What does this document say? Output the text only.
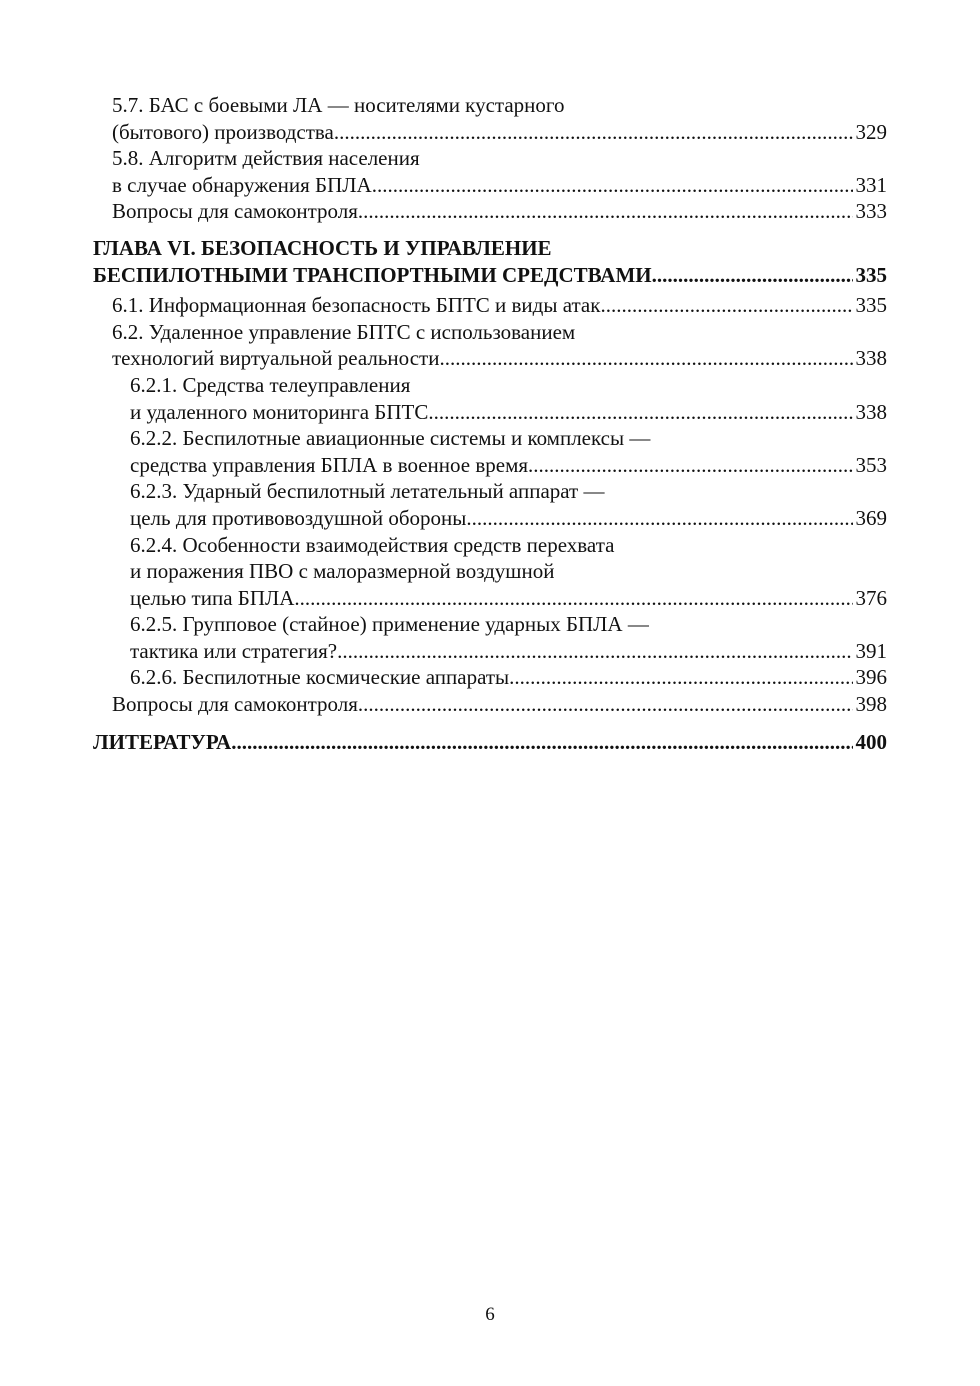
5.7. БАС с боевыми ЛА — носителями кустарного
(бытового) производства .....	329
5.8. Алгоритм действия населения
в случае обнаружения БПЛА .....	331
Вопросы для самоконтроля .....	333
ГЛАВА VI. БЕЗОПАСНОСТЬ И УПРАВЛЕНИЕ
БЕСПИЛОТНЫМИ ТРАНСПОРТНЫМИ СРЕДСТВАМИ .....	335
6.1. Информационная безопасность БПТС и виды атак .....	335
6.2. Удаленное управление БПТС с использованием
технологий виртуальной реальности .....	338
6.2.1. Средства телеуправления
и удаленного мониторинга БПТС .....	338
6.2.2. Беспилотные авиационные системы и комплексы —
средства управления БПЛА в военное время .....	353
6.2.3. Ударный беспилотный летательный аппарат —
цель для противовоздушной обороны .....	369
6.2.4. Особенности взаимодействия средств перехвата
и поражения ПВО с малоразмерной воздушной
целью типа БПЛА .....	376
6.2.5. Групповое (стайное) применение ударных БПЛА —
тактика или стратегия? .....	391
6.2.6. Беспилотные космические аппараты .....	396
Вопросы для самоконтроля .....	398
ЛИТЕРАТУРА .....	400
6
